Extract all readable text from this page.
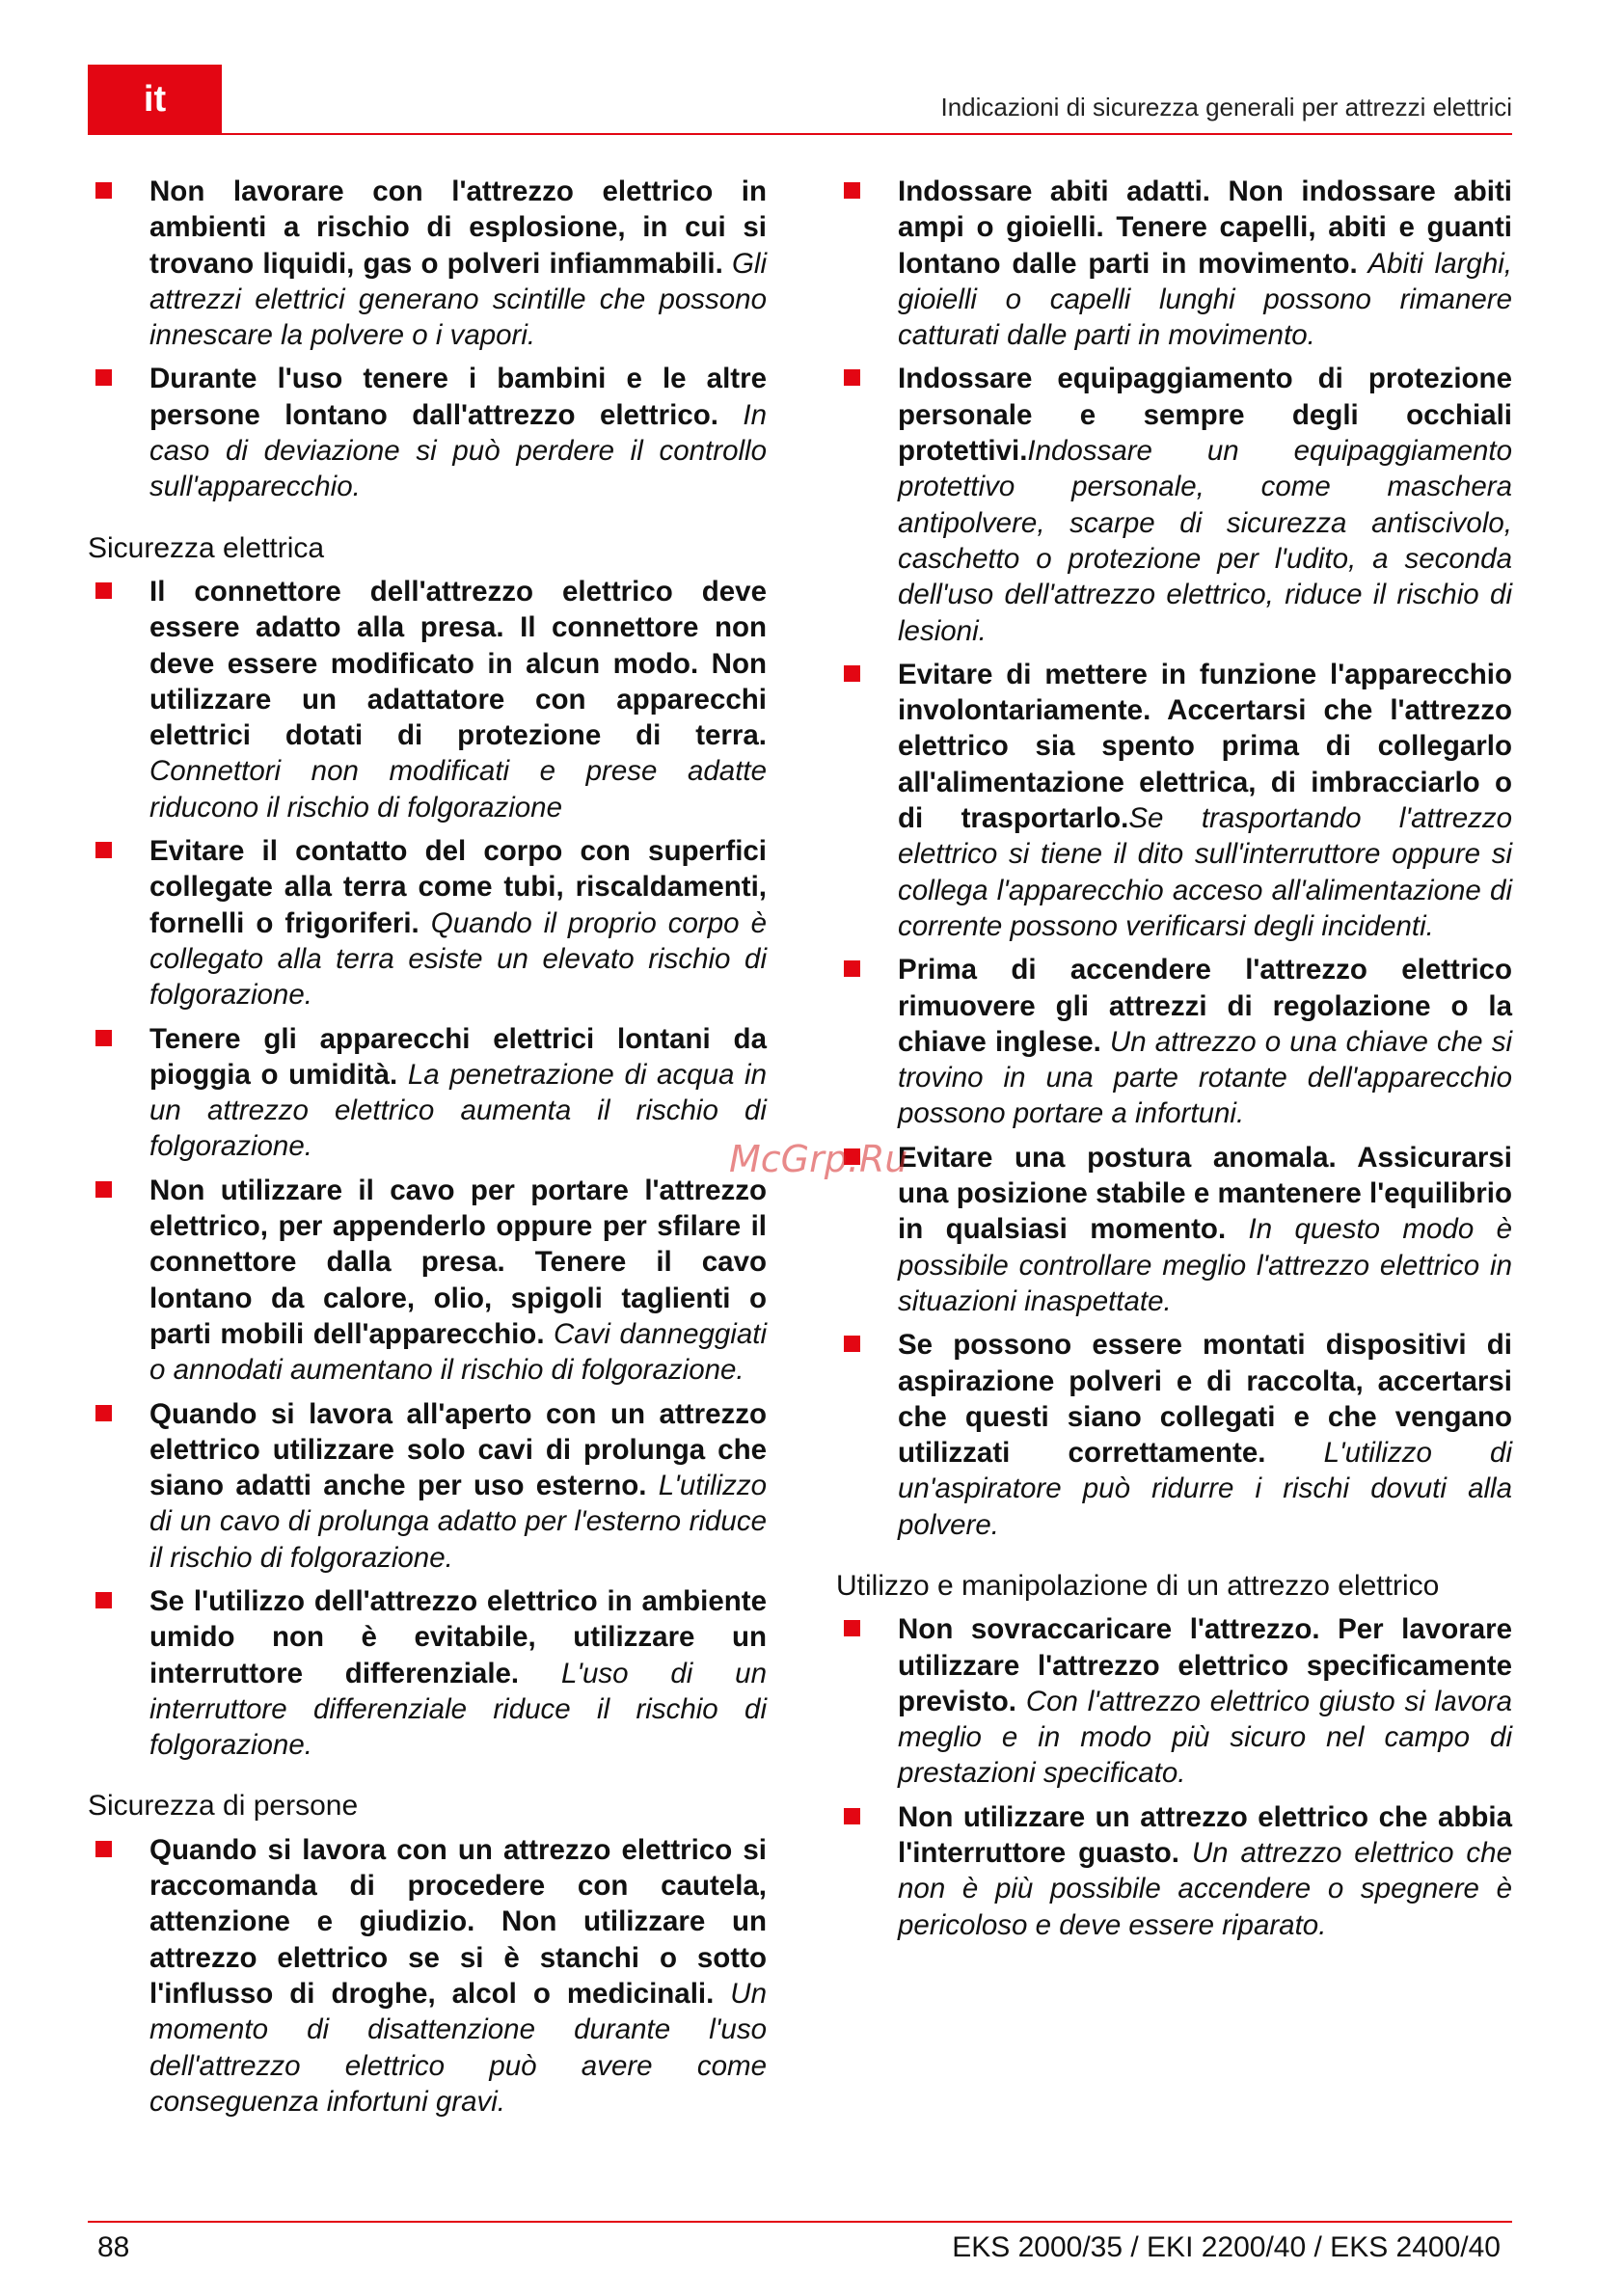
it	Indicazioni di sicurezza generali per attrezzi elettrici
Non lavorare con l'attrezzo elettrico in ambienti a rischio di esplosione, in cui si trovano liquidi, gas o polveri infiammabili. Gli attrezzi elettrici generano scintille che possono innescare la polvere o i vapori.
Durante l'uso tenere i bambini e le altre persone lontano dall'attrezzo elettrico. In caso di deviazione si può perdere il controllo sull'apparecchio.
Sicurezza elettrica
Il connettore dell'attrezzo elettrico deve essere adatto alla presa. Il connettore non deve essere modificato in alcun modo. Non utilizzare un adattatore con apparecchi elettrici dotati di protezione di terra. Connettori non modificati e prese adatte riducono il rischio di folgorazione
Evitare il contatto del corpo con superfici collegate alla terra come tubi, riscaldamenti, fornelli o frigoriferi. Quando il proprio corpo è collegato alla terra esiste un elevato rischio di folgorazione.
Tenere gli apparecchi elettrici lontani da pioggia o umidità. La penetrazione di acqua in un attrezzo elettrico aumenta il rischio di folgorazione.
Non utilizzare il cavo per portare l'attrezzo elettrico, per appenderlo oppure per sfilare il connettore dalla presa. Tenere il cavo lontano da calore, olio, spigoli taglienti o parti mobili dell'apparecchio. Cavi danneggiati o annodati aumentano il rischio di folgorazione.
Quando si lavora all'aperto con un attrezzo elettrico utilizzare solo cavi di prolunga che siano adatti anche per uso esterno. L'utilizzo di un cavo di prolunga adatto per l'esterno riduce il rischio di folgorazione.
Se l'utilizzo dell'attrezzo elettrico in ambiente umido non è evitabile, utilizzare un interruttore differenziale. L'uso di un interruttore differenziale riduce il rischio di folgorazione.
Sicurezza di persone
Quando si lavora con un attrezzo elettrico si raccomanda di procedere con cautela, attenzione e giudizio. Non utilizzare un attrezzo elettrico se si è stanchi o sotto l'influsso di droghe, alcol o medicinali. Un momento di disattenzione durante l'uso dell'attrezzo elettrico può avere come conseguenza infortuni gravi.
Indossare abiti adatti. Non indossare abiti ampi o gioielli. Tenere capelli, abiti e guanti lontano dalle parti in movimento. Abiti larghi, gioielli o capelli lunghi possono rimanere catturati dalle parti in movimento.
Indossare equipaggiamento di protezione personale e sempre degli occhiali protettivi.Indossare un equipaggiamento protettivo personale, come maschera antipolvere, scarpe di sicurezza antiscivolo, caschetto o protezione per l'udito, a seconda dell'uso dell'attrezzo elettrico, riduce il rischio di lesioni.
Evitare di mettere in funzione l'apparecchio involontariamente. Accertarsi che l'attrezzo elettrico sia spento prima di collegarlo all'alimentazione elettrica, di imbracciarlo o di trasportarlo.Se trasportando l'attrezzo elettrico si tiene il dito sull'interruttore oppure si collega l'apparecchio acceso all'alimentazione di corrente possono verificarsi degli incidenti.
Prima di accendere l'attrezzo elettrico rimuovere gli attrezzi di regolazione o la chiave inglese. Un attrezzo o una chiave che si trovino in una parte rotante dell'apparecchio possono portare a infortuni.
Evitare una postura anomala. Assicurarsi una posizione stabile e mantenere l'equilibrio in qualsiasi momento. In questo modo è possibile controllare meglio l'attrezzo elettrico in situazioni inaspettate.
Se possono essere montati dispositivi di aspirazione polveri e di raccolta, accertarsi che questi siano collegati e che vengano utilizzati correttamente. L'utilizzo di un'aspiratore può ridurre i rischi dovuti alla polvere.
Utilizzo e manipolazione di un attrezzo elettrico
Non sovraccaricare l'attrezzo. Per lavorare utilizzare l'attrezzo elettrico specificamente previsto. Con l'attrezzo elettrico giusto si lavora meglio e in modo più sicuro nel campo di prestazioni specificato.
Non utilizzare un attrezzo elettrico che abbia l'interruttore guasto. Un attrezzo elettrico che non è più possibile accendere o spegnere è pericoloso e deve essere riparato.
McGrp.Ru
88	EKS 2000/35 / EKI 2200/40 / EKS 2400/40
